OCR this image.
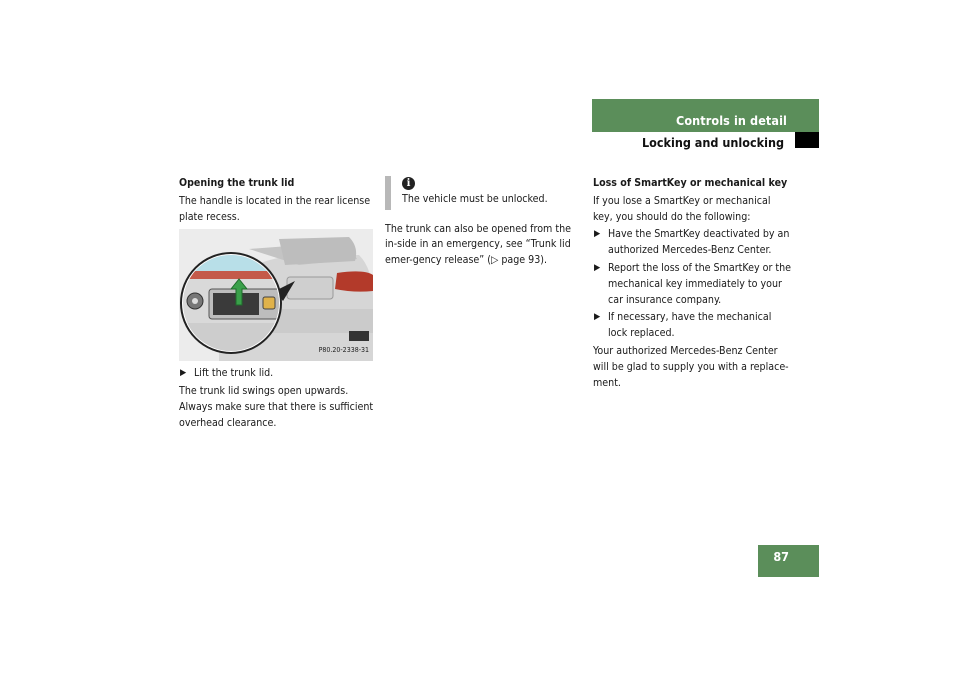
Controls in detail
Locking and unlocking

Opening the trunk lid

The handle is located in the rear license plate recess.

P80.20-2338-31

▶ Lift the trunk lid.

The trunk lid swings open upwards. Always make sure that there is sufficient overhead clearance.

i

The vehicle must be unlocked.

The trunk can also be opened from the in-side in an emergency, see “Trunk lid emer-gency release” (▷ page 93).

Loss of SmartKey or mechanical key

If you lose a SmartKey or mechanical key, you should do the following:

▶ Have the SmartKey deactivated by an authorized Mercedes-Benz Center.

▶ Report the loss of the SmartKey or the mechanical key immediately to your car insurance company.

▶ If necessary, have the mechanical lock replaced.

Your authorized Mercedes-Benz Center will be glad to supply you with a replace-ment.

87
